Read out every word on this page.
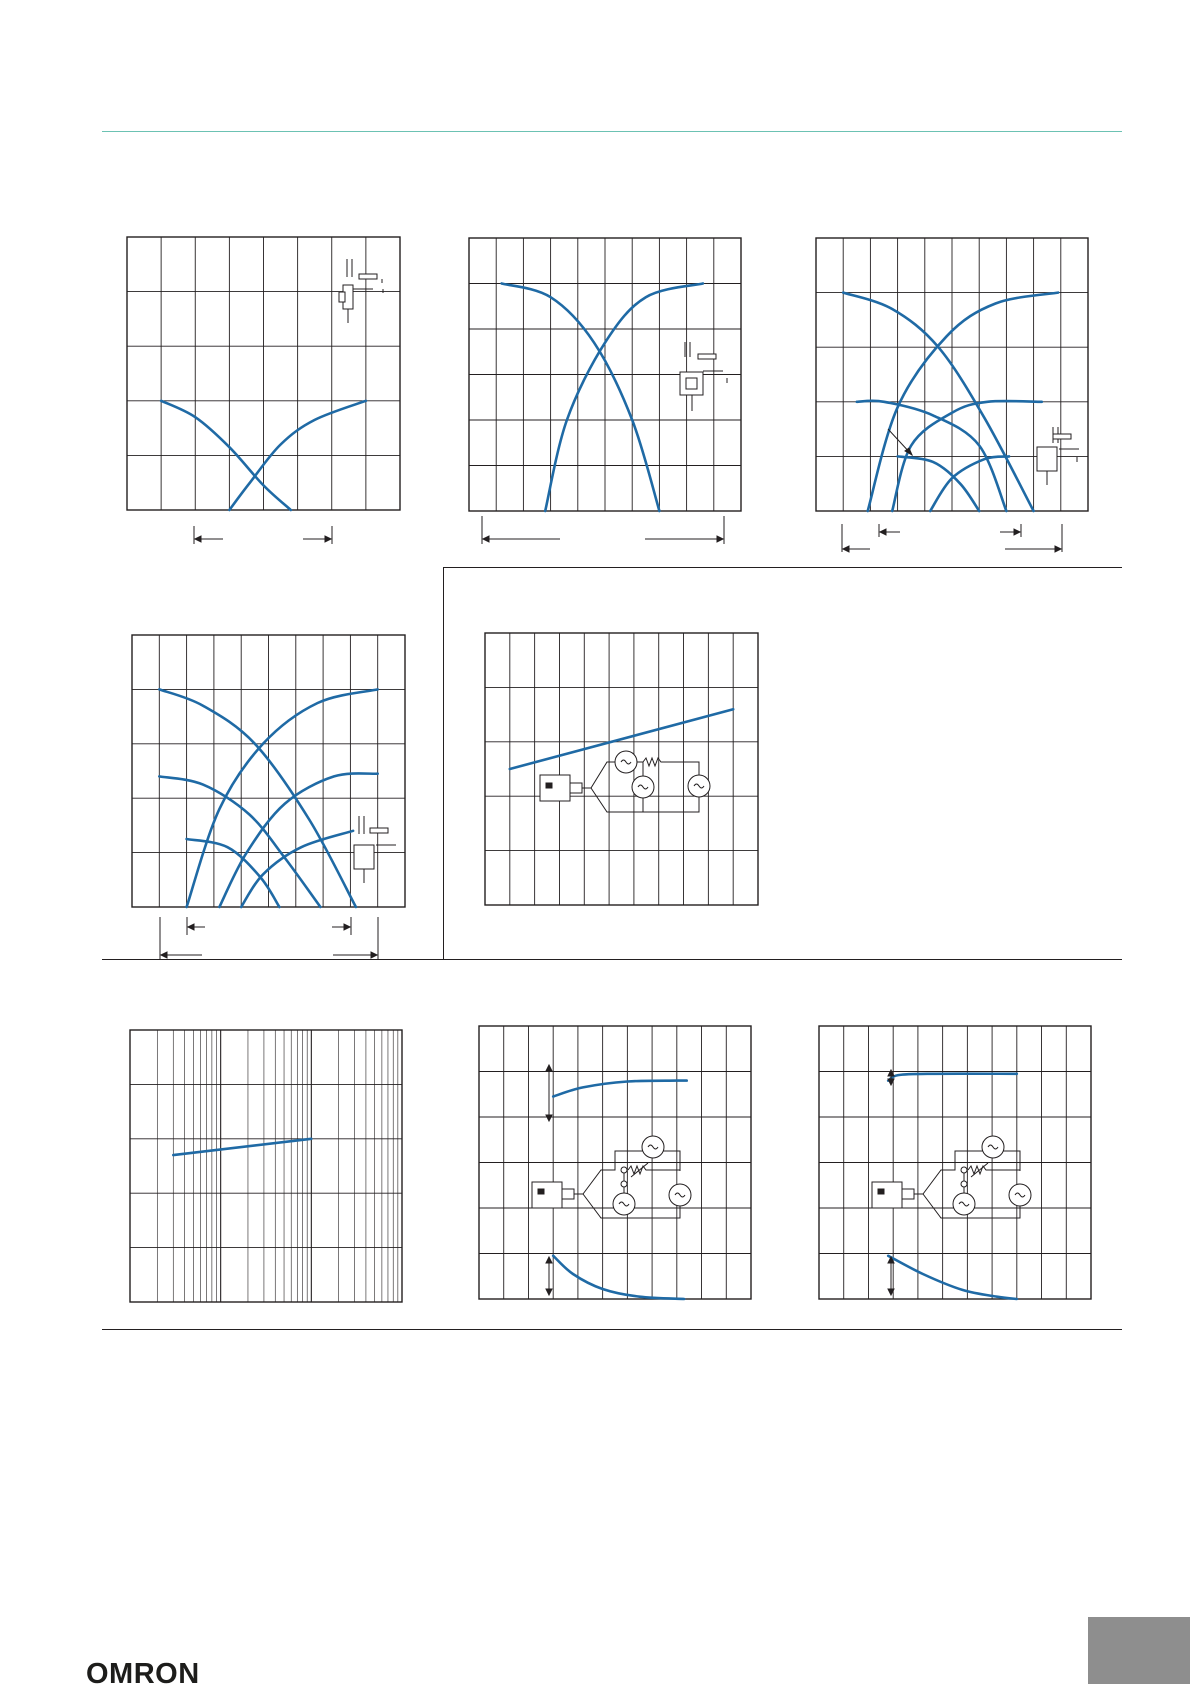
OMRON
